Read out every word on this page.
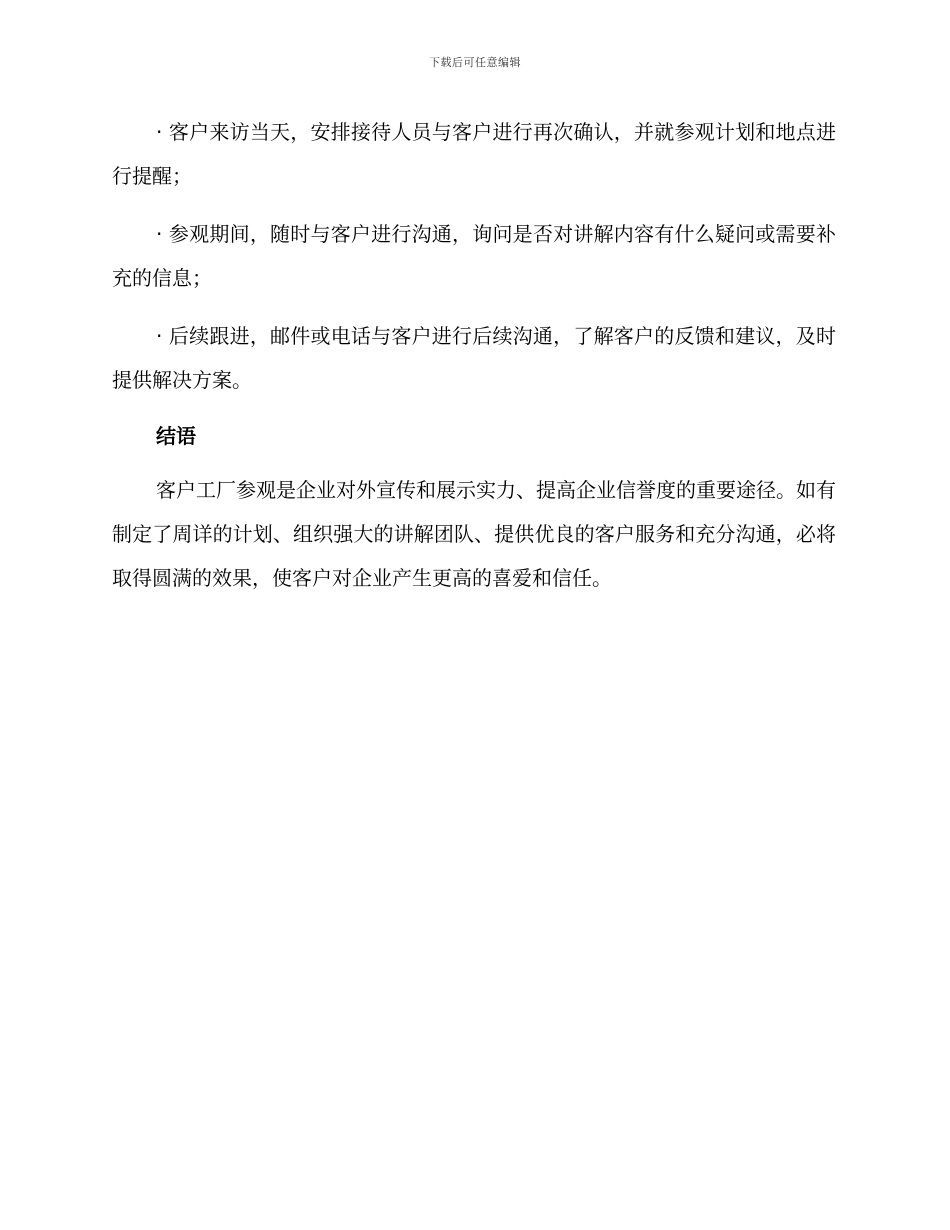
下载后可任意编辑

· 客户来访当天，安排接待人员与客户进行再次确认，并就参观计划和地点进行提醒；

· 参观期间，随时与客户进行沟通，询问是否对讲解内容有什么疑问或需要补充的信息；

· 后续跟进，邮件或电话与客户进行后续沟通，了解客户的反馈和建议，及时提供解决方案。

结语

客户工厂参观是企业对外宣传和展示实力、提高企业信誉度的重要途径。如有制定了周详的计划、组织强大的讲解团队、提供优良的客户服务和充分沟通，必将取得圆满的效果，使客户对企业产生更高的喜爱和信任。
